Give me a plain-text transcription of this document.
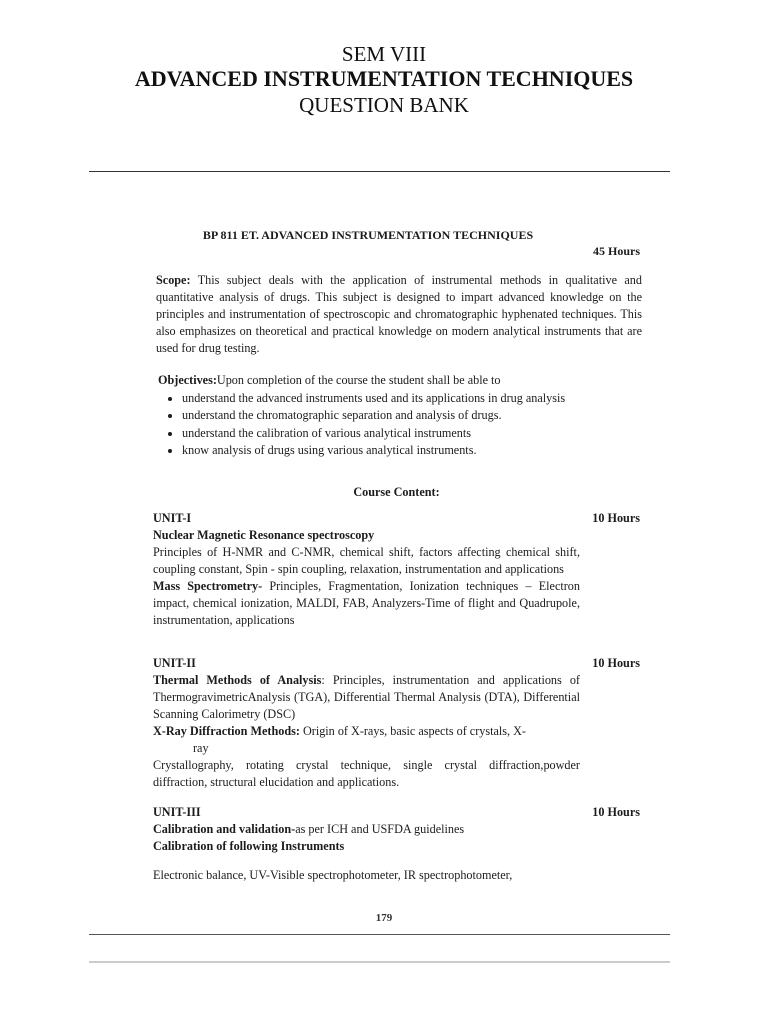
SEM VIII
ADVANCED INSTRUMENTATION TECHNIQUES
QUESTION BANK
BP 811 ET. ADVANCED INSTRUMENTATION TECHNIQUES
45 Hours
Scope: This subject deals with the application of instrumental methods in qualitative and quantitative analysis of drugs. This subject is designed to impart advanced knowledge on the principles and instrumentation of spectroscopic and chromatographic hyphenated techniques. This also emphasizes on theoretical and practical knowledge on modern analytical instruments that are used for drug testing.
Objectives:Upon completion of the course the student shall be able to
• understand the advanced instruments used and its applications in drug analysis
• understand the chromatographic separation and analysis of drugs.
• understand the calibration of various analytical instruments
• know analysis of drugs using various analytical instruments.
Course Content:
UNIT-I	10 Hours
Nuclear Magnetic Resonance spectroscopy
Principles of H-NMR and C-NMR, chemical shift, factors affecting chemical shift, coupling constant, Spin - spin coupling, relaxation, instrumentation and applications
Mass Spectrometry- Principles, Fragmentation, Ionization techniques – Electron impact, chemical ionization, MALDI, FAB, Analyzers-Time of flight and Quadrupole, instrumentation, applications
UNIT-II	10 Hours
Thermal Methods of Analysis: Principles, instrumentation and applications of ThermogravimetricAnalysis (TGA), Differential Thermal Analysis (DTA), Differential Scanning Calorimetry (DSC)
X-Ray Diffraction Methods: Origin of X-rays, basic aspects of crystals, X-
ray
Crystallography, rotating crystal technique, single crystal diffraction,powder diffraction, structural elucidation and applications.
UNIT-III	10 Hours
Calibration and validation-as per ICH and USFDA guidelines
Calibration of following Instruments
Electronic balance, UV-Visible spectrophotometer, IR spectrophotometer,
179
